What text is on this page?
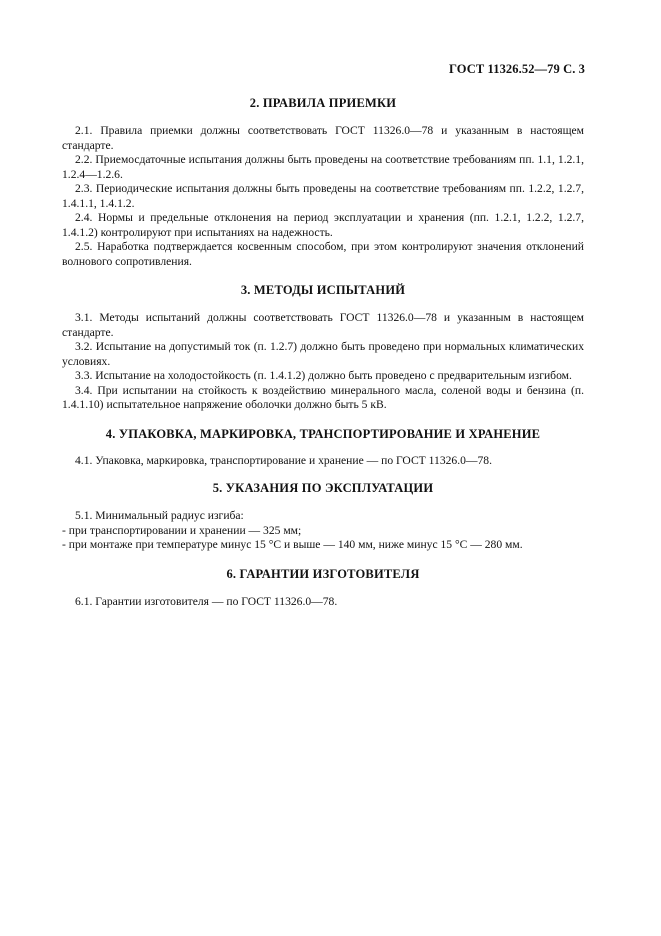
ГОСТ 11326.52—79 С. 3
2. ПРАВИЛА ПРИЕМКИ

2.1. Правила приемки должны соответствовать ГОСТ 11326.0—78 и указанным в настоящем стандарте.

2.2. Приемосдаточные испытания должны быть проведены на соответствие требованиям пп. 1.1, 1.2.1, 1.2.4—1.2.6.

2.3. Периодические испытания должны быть проведены на соответствие требованиям пп. 1.2.2, 1.2.7, 1.4.1.1, 1.4.1.2.

2.4. Нормы и предельные отклонения на период эксплуатации и хранения (пп. 1.2.1, 1.2.2, 1.2.7, 1.4.1.2) контролируют при испытаниях на надежность.

2.5. Наработка подтверждается косвенным способом, при этом контролируют значения отклонений волнового сопротивления.

3. МЕТОДЫ ИСПЫТАНИЙ

3.1. Методы испытаний должны соответствовать ГОСТ 11326.0—78 и указанным в настоящем стандарте.

3.2. Испытание на допустимый ток (п. 1.2.7) должно быть проведено при нормальных климатических условиях.

3.3. Испытание на холодостойкость (п. 1.4.1.2) должно быть проведено с предварительным изгибом.

3.4. При испытании на стойкость к воздействию минерального масла, соленой воды и бензина (п. 1.4.1.10) испытательное напряжение оболочки должно быть 5 кВ.

4. УПАКОВКА, МАРКИРОВКА, ТРАНСПОРТИРОВАНИЕ И ХРАНЕНИЕ

4.1. Упаковка, маркировка, транспортирование и хранение — по ГОСТ 11326.0—78.

5. УКАЗАНИЯ ПО ЭКСПЛУАТАЦИИ

5.1. Минимальный радиус изгиба:

- при транспортировании и хранении — 325 мм;

- при монтаже при температуре минус 15 °С и выше — 140 мм, ниже минус 15 °С — 280 мм.

6. ГАРАНТИИ ИЗГОТОВИТЕЛЯ

6.1. Гарантии изготовителя — по ГОСТ 11326.0—78.
